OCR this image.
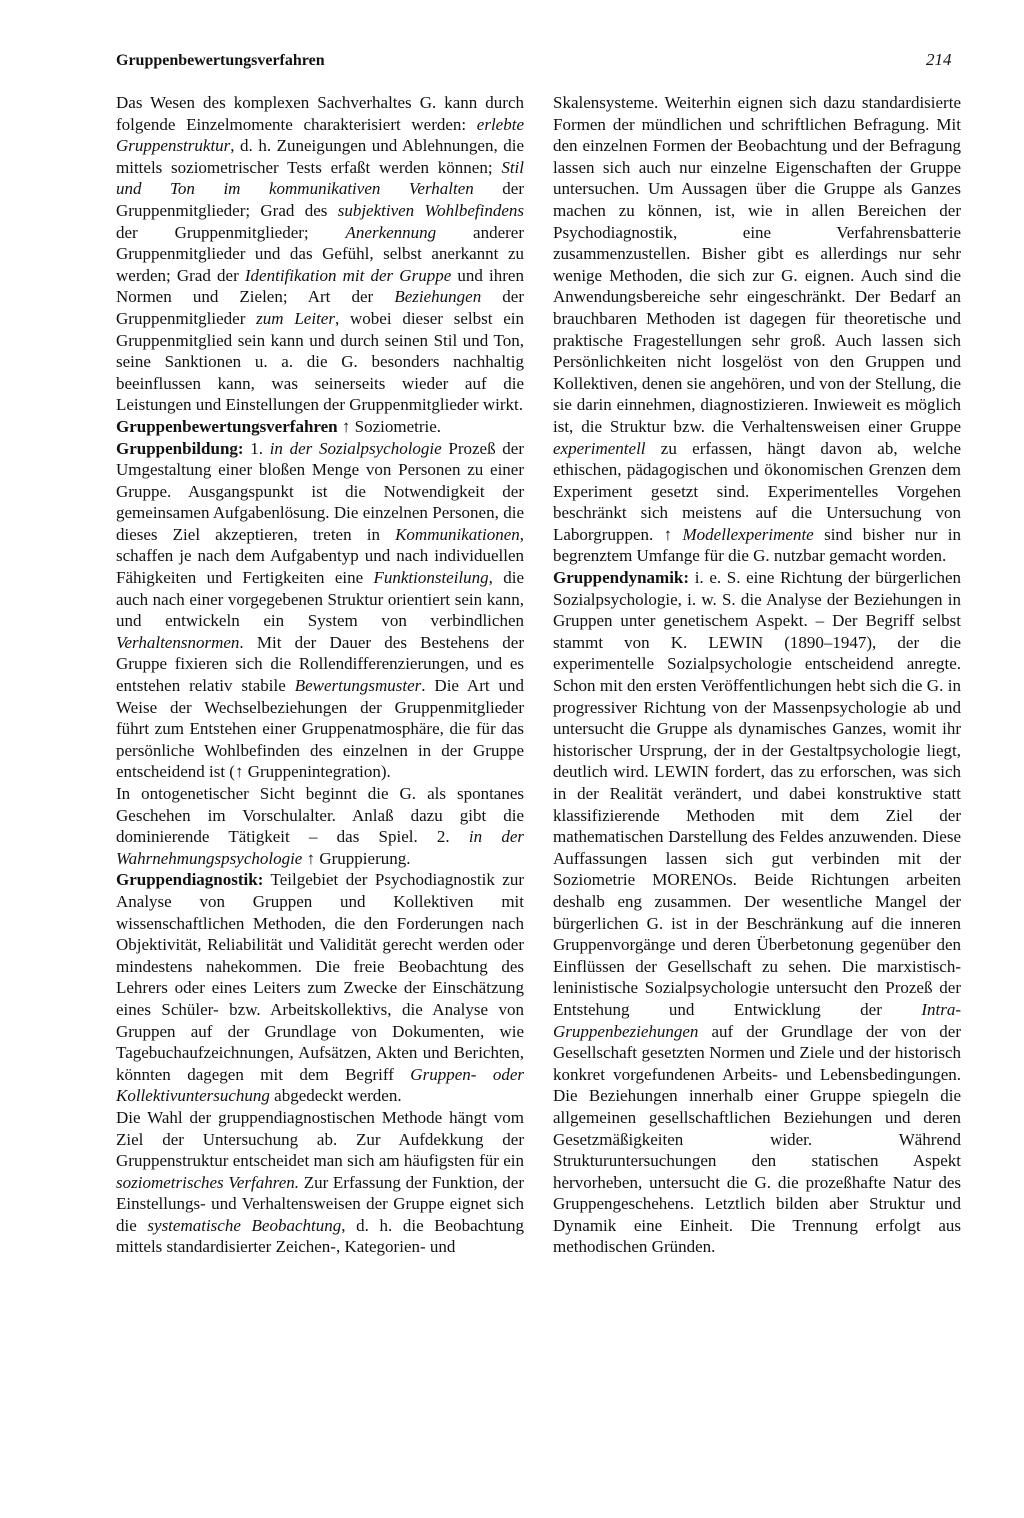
Gruppenbewertungsverfahren	214

Das Wesen des komplexen Sachverhaltes G. kann durch folgende Einzelmomente charakterisiert werden: erlebte Gruppenstruktur, d. h. Zuneigungen und Ablehnungen, die mittels soziometrischer Tests erfaßt werden können; Stil und Ton im kommunikativen Verhalten der Gruppenmitglieder; Grad des subjektiven Wohlbefindens der Gruppenmitglieder; Anerkennung anderer Gruppenmitglieder und das Gefühl, selbst anerkannt zu werden; Grad der Identifikation mit der Gruppe und ihren Normen und Zielen; Art der Beziehungen der Gruppenmitglieder zum Leiter, wobei dieser selbst ein Gruppenmitglied sein kann und durch seinen Stil und Ton, seine Sanktionen u. a. die G. besonders nachhaltig beeinflussen kann, was seinerseits wieder auf die Leistungen und Einstellungen der Gruppenmitglieder wirkt.

Gruppenbewertungsverfahren ↑ Soziometrie.

Gruppenbildung: 1. in der Sozialpsychologie Prozeß der Umgestaltung einer bloßen Menge von Personen zu einer Gruppe. Ausgangspunkt ist die Notwendigkeit der gemeinsamen Aufgabenlösung. Die einzelnen Personen, die dieses Ziel akzeptieren, treten in Kommunikationen, schaffen je nach dem Aufgabentyp und nach individuellen Fähigkeiten und Fertigkeiten eine Funktionsteilung, die auch nach einer vorgegebenen Struktur orientiert sein kann, und entwickeln ein System von verbindlichen Verhaltensnormen. Mit der Dauer des Bestehens der Gruppe fixieren sich die Rollendifferenzierungen, und es entstehen relativ stabile Bewertungsmuster. Die Art und Weise der Wechselbeziehungen der Gruppenmitglieder führt zum Entstehen einer Gruppenatmosphäre, die für das persönliche Wohlbefinden des einzelnen in der Gruppe entscheidend ist (↑ Gruppenintegration).

In ontogenetischer Sicht beginnt die G. als spontanes Geschehen im Vorschulalter. Anlaß dazu gibt die dominierende Tätigkeit – das Spiel. 2. in der Wahrnehmungspsychologie ↑ Gruppierung.

Gruppendiagnostik: Teilgebiet der Psychodiagnostik zur Analyse von Gruppen und Kollektiven mit wissenschaftlichen Methoden, die den Forderungen nach Objektivität, Reliabilität und Validität gerecht werden oder mindestens nahekommen. Die freie Beobachtung des Lehrers oder eines Leiters zum Zwecke der Einschätzung eines Schüler- bzw. Arbeitskollektivs, die Analyse von Gruppen auf der Grundlage von Dokumenten, wie Tagebuchaufzeichnungen, Aufsätzen, Akten und Berichten, könnten dagegen mit dem Begriff Gruppen- oder Kollektivuntersuchung abgedeckt werden.

Die Wahl der gruppendiagnostischen Methode hängt vom Ziel der Untersuchung ab. Zur Aufdekkung der Gruppenstruktur entscheidet man sich am häufigsten für ein soziometrisches Verfahren. Zur Erfassung der Funktion, der Einstellungs- und Verhaltensweisen der Gruppe eignet sich die systematische Beobachtung, d. h. die Beobachtung mittels standardisierter Zeichen-, Kategorien- und

Skalensysteme. Weiterhin eignen sich dazu standardisierte Formen der mündlichen und schriftlichen Befragung. Mit den einzelnen Formen der Beobachtung und der Befragung lassen sich auch nur einzelne Eigenschaften der Gruppe untersuchen. Um Aussagen über die Gruppe als Ganzes machen zu können, ist, wie in allen Bereichen der Psychodiagnostik, eine Verfahrensbatterie zusammenzustellen. Bisher gibt es allerdings nur sehr wenige Methoden, die sich zur G. eignen. Auch sind die Anwendungsbereiche sehr eingeschränkt. Der Bedarf an brauchbaren Methoden ist dagegen für theoretische und praktische Fragestellungen sehr groß. Auch lassen sich Persönlichkeiten nicht losgelöst von den Gruppen und Kollektiven, denen sie angehören, und von der Stellung, die sie darin einnehmen, diagnostizieren. Inwieweit es möglich ist, die Struktur bzw. die Verhaltensweisen einer Gruppe experimentell zu erfassen, hängt davon ab, welche ethischen, pädagogischen und ökonomischen Grenzen dem Experiment gesetzt sind. Experimentelles Vorgehen beschränkt sich meistens auf die Untersuchung von Laborgruppen. ↑ Modellexperimente sind bisher nur in begrenztem Umfange für die G. nutzbar gemacht worden.

Gruppendynamik: i. e. S. eine Richtung der bürgerlichen Sozialpsychologie, i. w. S. die Analyse der Beziehungen in Gruppen unter genetischem Aspekt. – Der Begriff selbst stammt von K. LEWIN (1890–1947), der die experimentelle Sozialpsychologie entscheidend anregte. Schon mit den ersten Veröffentlichungen hebt sich die G. in progressiver Richtung von der Massenpsychologie ab und untersucht die Gruppe als dynamisches Ganzes, womit ihr historischer Ursprung, der in der Gestaltpsychologie liegt, deutlich wird. LEWIN fordert, das zu erforschen, was sich in der Realität verändert, und dabei konstruktive statt klassifizierende Methoden mit dem Ziel der mathematischen Darstellung des Feldes anzuwenden. Diese Auffassungen lassen sich gut verbinden mit der Soziometrie MORENOs. Beide Richtungen arbeiten deshalb eng zusammen. Der wesentliche Mangel der bürgerlichen G. ist in der Beschränkung auf die inneren Gruppenvorgänge und deren Überbetonung gegenüber den Einflüssen der Gesellschaft zu sehen. Die marxistisch-leninistische Sozialpsychologie untersucht den Prozeß der Entstehung und Entwicklung der Intra-Gruppenbeziehungen auf der Grundlage der von der Gesellschaft gesetzten Normen und Ziele und der historisch konkret vorgefundenen Arbeits- und Lebensbedingungen. Die Beziehungen innerhalb einer Gruppe spiegeln die allgemeinen gesellschaftlichen Beziehungen und deren Gesetzmäßigkeiten wider. Während Strukturuntersuchungen den statischen Aspekt hervorheben, untersucht die G. die prozeßhafte Natur des Gruppengeschehens. Letztlich bilden aber Struktur und Dynamik eine Einheit. Die Trennung erfolgt aus methodischen Gründen.
